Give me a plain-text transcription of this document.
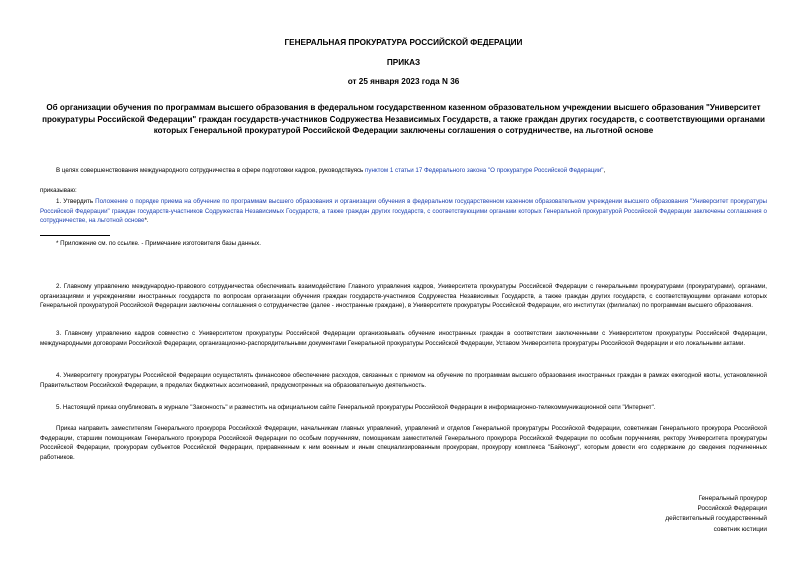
ГЕНЕРАЛЬНАЯ ПРОКУРАТУРА РОССИЙСКОЙ ФЕДЕРАЦИИ
ПРИКАЗ
от 25 января 2023 года N 36
Об организации обучения по программам высшего образования в федеральном государственном казенном образовательном учреждении высшего образования "Университет прокуратуры Российской Федерации" граждан государств-участников Содружества Независимых Государств, а также граждан других государств, с соответствующими органами которых Генеральной прокуратурой Российской Федерации заключены соглашения о сотрудничестве, на льготной основе
В целях совершенствования международного сотрудничества в сфере подготовки кадров, руководствуясь пунктом 1 статьи 17 Федерального закона "О прокуратуре Российской Федерации",
приказываю:
1. Утвердить Положение о порядке приема на обучение по программам высшего образования и организации обучения в федеральном государственном казенном образовательном учреждении высшего образования "Университет прокуратуры Российской Федерации" граждан государств-участников Содружества Независимых Государств, а также граждан других государств, с соответствующими органами которых Генеральной прокуратурой Российской Федерации заключены соглашения о сотрудничестве, на льготной основе*.
* Приложение см. по ссылке. - Примечание изготовителя базы данных.
2. Главному управлению международно-правового сотрудничества обеспечивать взаимодействие Главного управления кадров, Университета прокуратуры Российской Федерации с генеральными прокуратурами (прокуратурами), органами, организациями и учреждениями иностранных государств по вопросам организации обучения граждан государств-участников Содружества Независимых Государств, а также граждан других государств, с соответствующими органами которых Генеральной прокуратурой Российской Федерации заключены соглашения о сотрудничестве (далее - иностранные граждане), в Университете прокуратуры Российской Федерации, его институтах (филиалах) по программам высшего образования.
3. Главному управлению кадров совместно с Университетом прокуратуры Российской Федерации организовывать обучение иностранных граждан в соответствии заключенными с Университетом прокуратуры Российской Федерации, международными договорами Российской Федерации, организационно-распорядительными документами Генеральной прокуратуры Российской Федерации, Уставом Университета прокуратуры Российской Федерации и его локальными актами.
4. Университету прокуратуры Российской Федерации осуществлять финансовое обеспечение расходов, связанных с приемом на обучение по программам высшего образования иностранных граждан в рамках ежегодной квоты, установленной Правительством Российской Федерации, в пределах бюджетных ассигнований, предусмотренных на образовательную деятельность.
5. Настоящий приказ опубликовать в журнале "Законность" и разместить на официальном сайте Генеральной прокуратуры Российской Федерации в информационно-телекоммуникационной сети "Интернет".
Приказ направить заместителям Генерального прокурора Российской Федерации, начальникам главных управлений, управлений и отделов Генеральной прокуратуры Российской Федерации, советникам Генерального прокурора Российской Федерации, старшим помощникам Генерального прокурора Российской Федерации по особым поручениям, помощникам заместителей Генерального прокурора Российской Федерации по особым поручениям, ректору Университета прокуратуры Российской Федерации, прокурорам субъектов Российской Федерации, приравненным к ним военным и иным специализированным прокурорам, прокурору комплекса "Байконур", которым довести его содержание до сведения подчиненных работников.
Генеральный прокурор
Российской Федерации
действительный государственный
советник юстиции
